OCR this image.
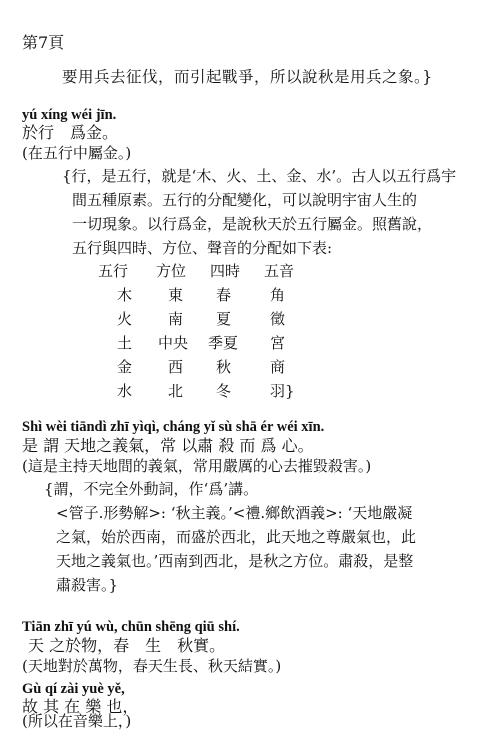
第7頁
要用兵去征伐，而引起戰爭，所以說秋是用兵之象。}
yú xíng wéi jīn.
於行　爲金。
(在五行中屬金。)
{行，是五行，就是‘木、火、土、金、水’。古人以五行爲宇
間五種原素。五行的分配變化，可以說明宇宙人生的
一切現象。以行爲金，是說秋天於五行屬金。照舊說，
五行與四時、方位、聲音的分配如下表:
五行 方位 四時 五音
木 東 春	角
火 南 夏	徵
土 中央 季夏 宮
金 西 秋	商
水 北 冬	羽}
Shì wèi tiāndì zhī yìqì, cháng yǐ sù shā ér wéi xīn.
是 謂 天地之義氣，常 以肅 殺 而 爲 心。
(這是主持天地間的義氣，常用嚴厲的心去摧毀殺害。)
{謂，不完全外動詞，作‘爲’講。
<管子.形勢解>: ‘秋主義。’<禮.鄉飲酒義>: ‘天地嚴凝
之氣，始於西南，而盛於西北，此天地之尊嚴氣也，此
天地之義氣也。’西南到西北，是秋之方位。肅殺，是整
肅殺害。}
Tiān zhī yú wù, chūn shēng qiū shí.
天 之於物，春　生　秋實。
(天地對於萬物，春天生長、秋天結實。)
Gù qí zài yuè yě,
故 其 在 樂 也，
(所以在音樂上，)
